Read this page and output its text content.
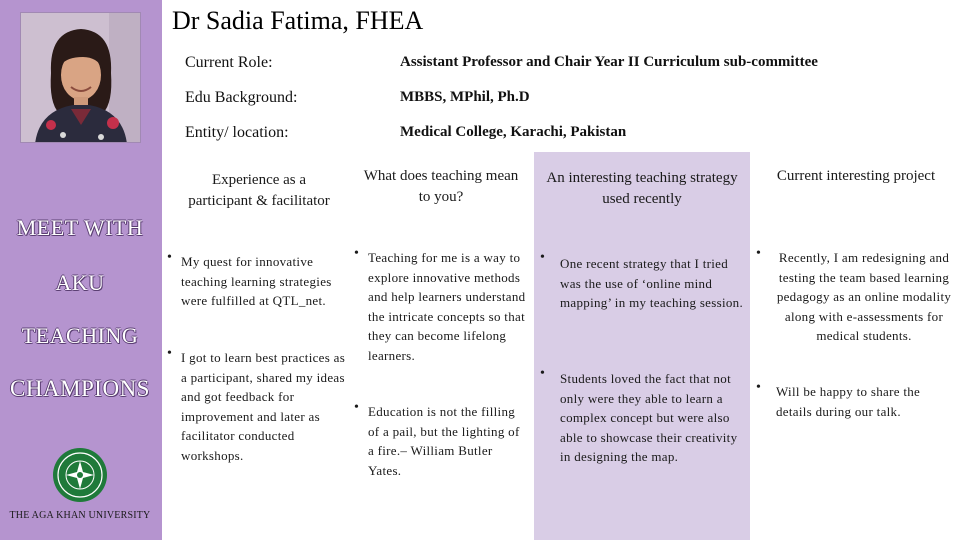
MEET WITH
AKU
TEACHING
CHAMPIONS
THE AGA KHAN UNIVERSITY
Dr Sadia Fatima, FHEA
Current Role:	Assistant Professor and Chair Year II Curriculum sub-committee
Edu Background:	MBBS, MPhil, Ph.D
Entity/ location:	Medical College, Karachi, Pakistan
Experience as a participant & facilitator
• My quest for innovative teaching learning strategies were fulfilled at QTL_net.
• I got to learn best practices as a participant, shared my ideas and got feedback for improvement and later as facilitator conducted workshops.
What does teaching mean to you?
• Teaching for me is a way to explore innovative methods and help learners understand the intricate concepts so that they can become lifelong learners.
• Education is not the filling of a pail, but the lighting of a fire.– William Butler Yates.
An interesting teaching strategy used recently
• One recent strategy that I tried was the use of ‘online mind mapping’ in my teaching session.
• Students loved the fact that not only were they able to learn a complex concept but were also able to showcase their creativity in designing the map.
Current interesting project
• Recently, I am redesigning and testing the team based learning pedagogy as an online modality along with e-assessments for medical students.
• Will be happy to share the details during our talk.
